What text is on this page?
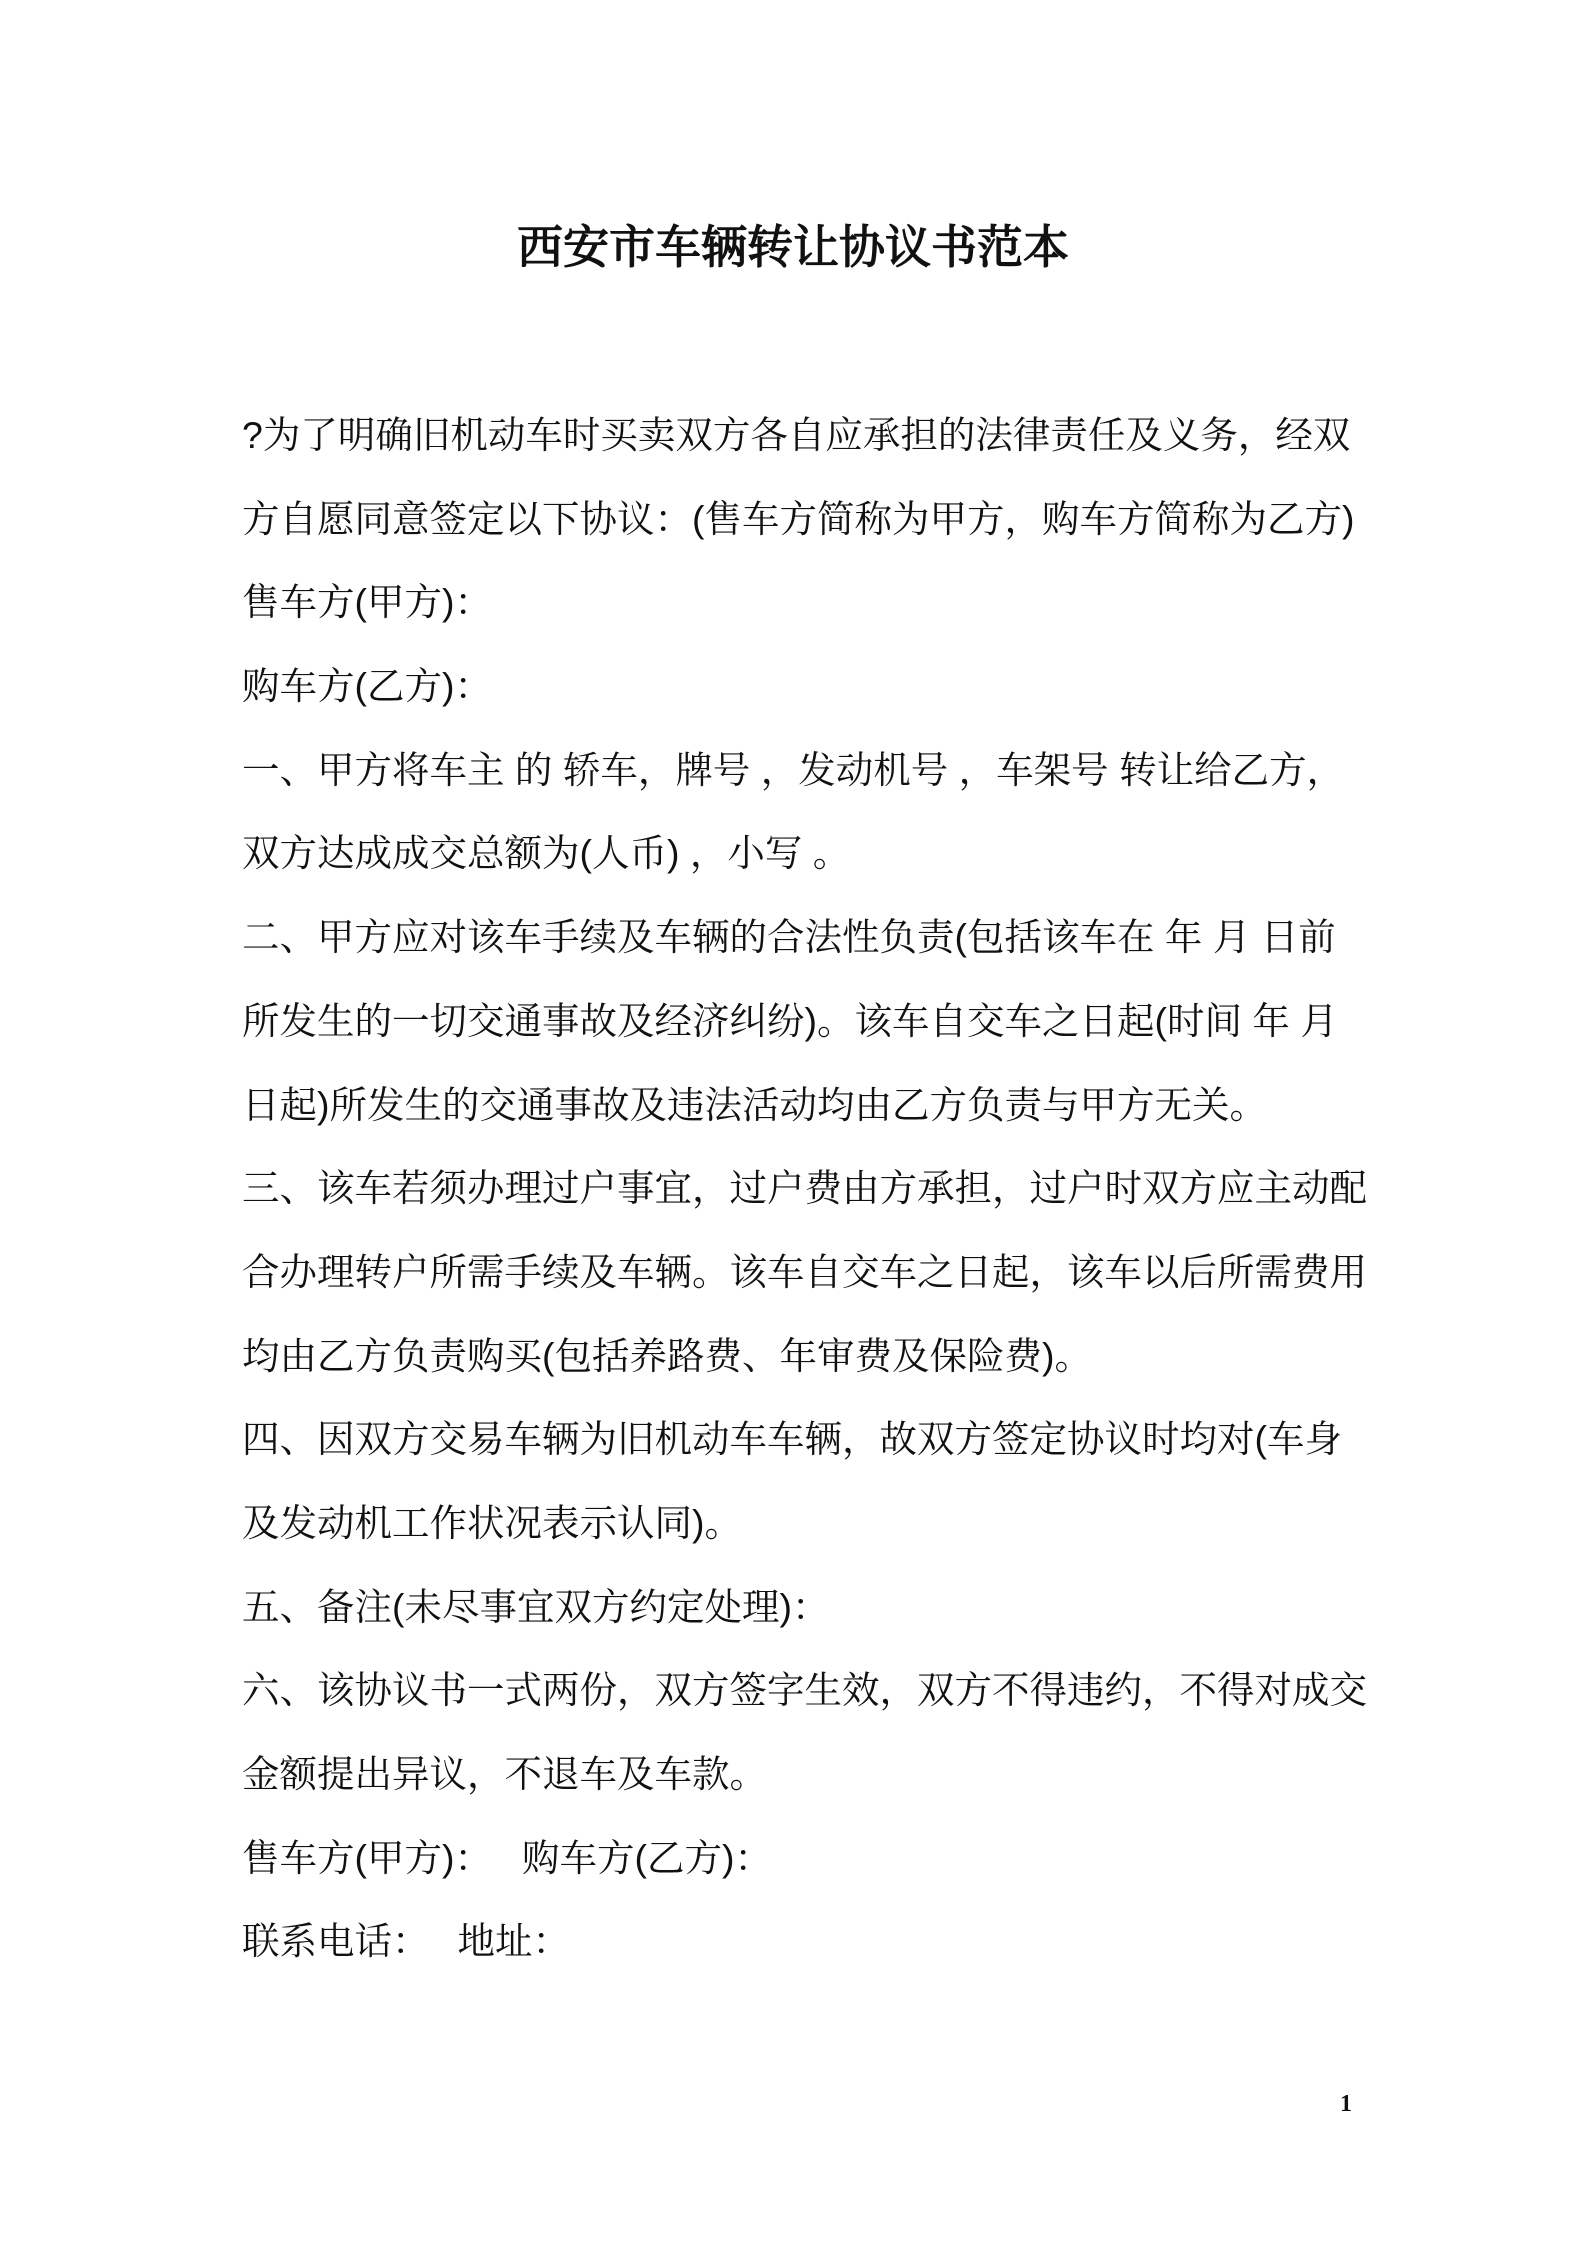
西安市车辆转让协议书范本
?为了明确旧机动车时买卖双方各自应承担的法律责任及义务，经双
方自愿同意签定以下协议：(售车方简称为甲方，购车方简称为乙方)
售车方(甲方)：
购车方(乙方)：
一、甲方将车主 的 轿车，牌号 ，发动机号 ，车架号 转让给乙方，
双方达成成交总额为(人币) ，小写 。
二、甲方应对该车手续及车辆的合法性负责(包括该车在 年 月 日前
所发生的一切交通事故及经济纠纷)。该车自交车之日起(时间 年 月
日起)所发生的交通事故及违法活动均由乙方负责与甲方无关。
三、该车若须办理过户事宜，过户费由方承担，过户时双方应主动配
合办理转户所需手续及车辆。该车自交车之日起，该车以后所需费用
均由乙方负责购买(包括养路费、年审费及保险费)。
四、因双方交易车辆为旧机动车车辆，故双方签定协议时均对(车身
及发动机工作状况表示认同)。
五、备注(未尽事宜双方约定处理)：
六、该协议书一式两份，双方签字生效，双方不得违约，不得对成交
金额提出异议，不退车及车款。
售车方(甲方)： 购车方(乙方)：
联系电话： 地址：
1
